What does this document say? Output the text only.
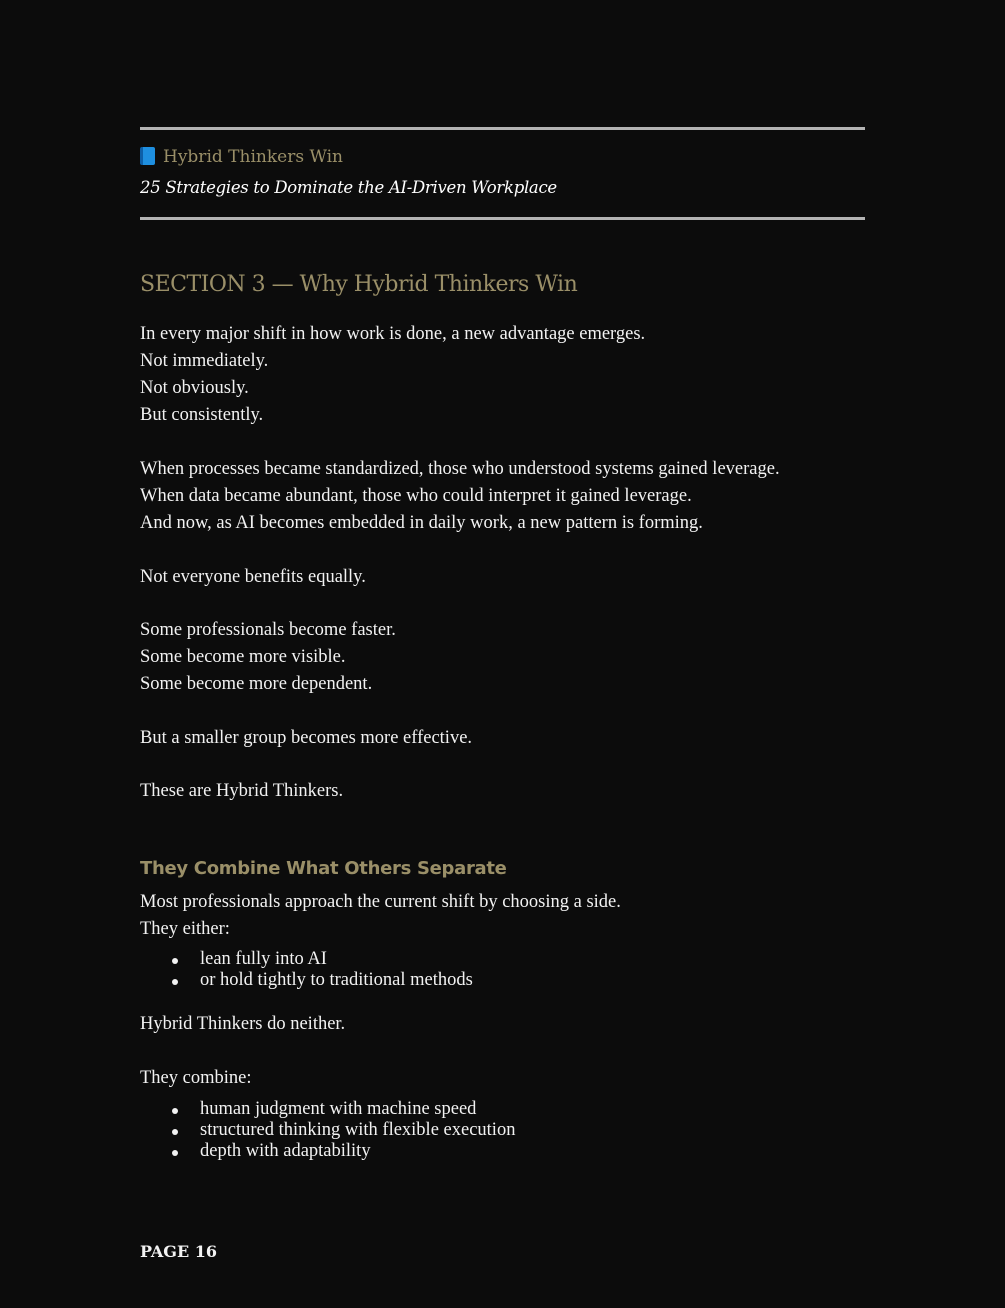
Hybrid Thinkers Win
25 Strategies to Dominate the AI-Driven Workplace
SECTION 3 — Why Hybrid Thinkers Win

In every major shift in how work is done, a new advantage emerges.

Not immediately.

Not obviously.

But consistently.

When processes became standardized, those who understood systems gained leverage.

When data became abundant, those who could interpret it gained leverage.

And now, as AI becomes embedded in daily work, a new pattern is forming.

Not everyone benefits equally.

Some professionals become faster.

Some become more visible.

Some become more dependent.

But a smaller group becomes more effective.

These are Hybrid Thinkers.

They Combine What Others Separate

Most professionals approach the current shift by choosing a side.

They either:

lean fully into AI
or hold tightly to traditional methods

Hybrid Thinkers do neither.

They combine:

human judgment with machine speed
structured thinking with flexible execution
depth with adaptability
PAGE 16
